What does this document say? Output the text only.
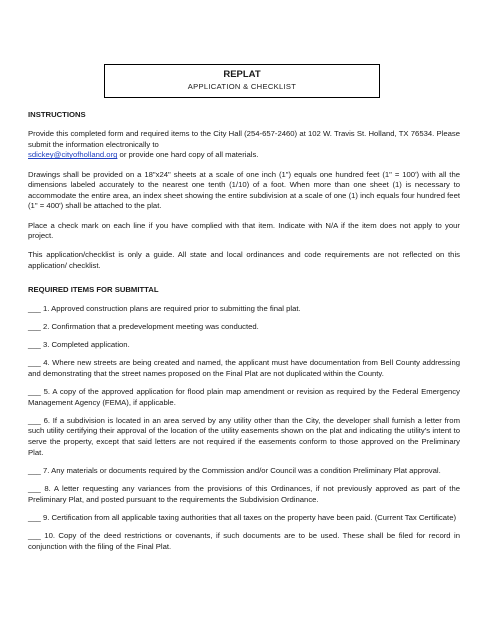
REPLAT
APPLICATION & CHECKLIST

INSTRUCTIONS

Provide this completed form and required items to the City Hall (254-657-2460) at 102 W. Travis St. Holland, TX 76534. Please submit the information electronically to
sdickey@cityofholland.org or provide one hard copy of all materials.

Drawings shall be provided on a 18"x24" sheets at a scale of one inch (1") equals one hundred feet (1" = 100') with all the dimensions labeled accurately to the nearest one tenth (1/10) of a foot. When more than one sheet (1) is necessary to accommodate the entire area, an index sheet showing the entire subdivision at a scale of one (1) inch equals four hundred feet (1" = 400') shall be attached to the plat.

Place a check mark on each line if you have complied with that item. Indicate with N/A if the item does not apply to your project.

This application/checklist is only a guide. All state and local ordinances and code requirements are not reflected on this application/ checklist.

REQUIRED ITEMS FOR SUBMITTAL

___ 1. Approved construction plans are required prior to submitting the final plat.

___ 2. Confirmation that a predevelopment meeting was conducted.

___ 3. Completed application.

___ 4. Where new streets are being created and named, the applicant must have documentation from Bell County addressing and demonstrating that the street names proposed on the Final Plat are not duplicated within the County.

___ 5. A copy of the approved application for flood plain map amendment or revision as required by the Federal Emergency Management Agency (FEMA), if applicable.

___ 6. If a subdivision is located in an area served by any utility other than the City, the developer shall furnish a letter from such utility certifying their approval of the location of the utility easements shown on the plat and indicating the utility's intent to serve the property, except that said letters are not required if the easements conform to those approved on the Preliminary Plat.

___ 7. Any materials or documents required by the Commission and/or Council was a condition Preliminary Plat approval.

___ 8. A letter requesting any variances from the provisions of this Ordinances, if not previously approved as part of the Preliminary Plat, and posted pursuant to the requirements the Subdivision Ordinance.

___ 9. Certification from all applicable taxing authorities that all taxes on the property have been paid. (Current Tax Certificate)

___ 10. Copy of the deed restrictions or covenants, if such documents are to be used. These shall be filed for record in conjunction with the filing of the Final Plat.
